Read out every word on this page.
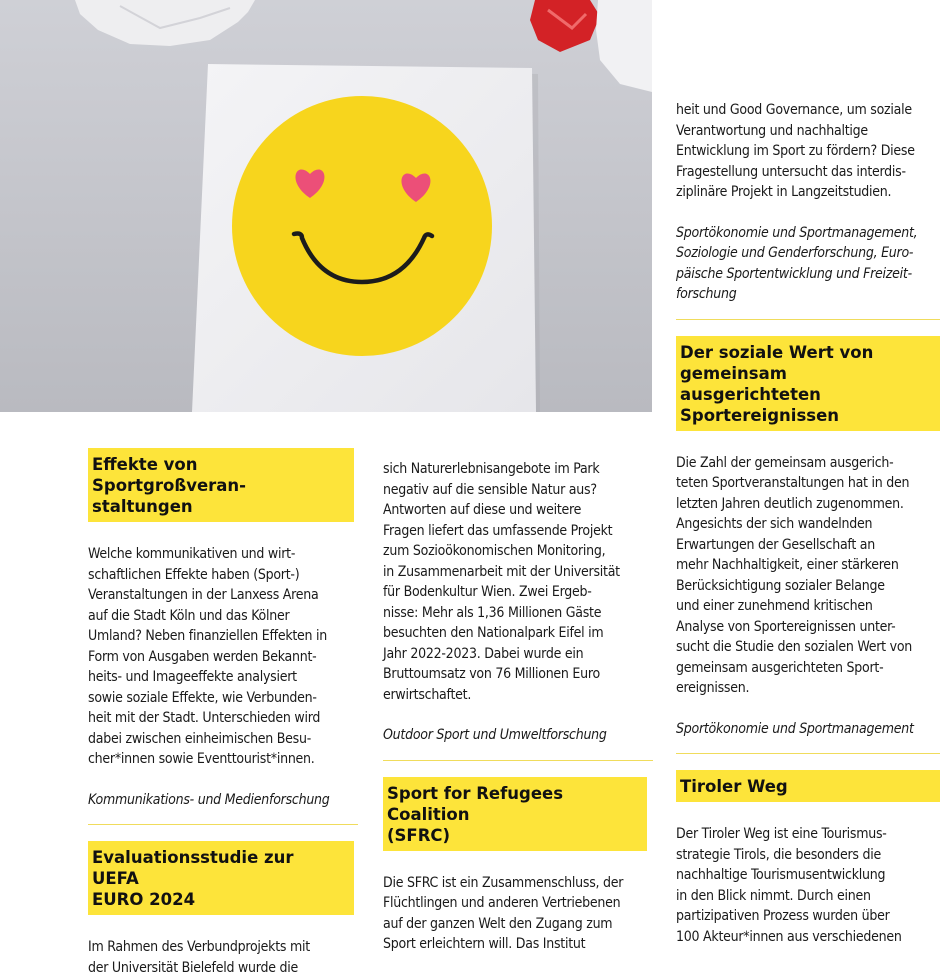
Effekte von Sportgroßveran-
staltungen

Welche kommunikativen und wirt-
schaftlichen Effekte haben (Sport-)
Veranstaltungen in der Lanxess Arena
auf die Stadt Köln und das Kölner
Umland? Neben finanziellen Effekten in
Form von Ausgaben werden Bekannt-
heits- und Imageeffekte analysiert
sowie soziale Effekte, wie Verbunden-
heit mit der Stadt. Unterschieden wird
dabei zwischen einheimischen Besu-
cher*innen sowie Eventtourist*innen.

Kommunikations- und Medienforschung

Evaluationsstudie zur UEFA
EURO 2024

Im Rahmen des Verbundprojekts mit
der Universität Bielefeld wurde die

sich Naturerlebnisangebote im Park
negativ auf die sensible Natur aus?
Antworten auf diese und weitere
Fragen liefert das umfassende Projekt
zum Sozioökonomischen Monitoring,
in Zusammenarbeit mit der Universität
für Bodenkultur Wien. Zwei Ergeb-
nisse: Mehr als 1,36 Millionen Gäste
besuchten den Nationalpark Eifel im
Jahr 2022-2023. Dabei wurde ein
Bruttoumsatz von 76 Millionen Euro
erwirtschaftet.

Outdoor Sport und Umweltforschung

Sport for Refugees Coalition
(SFRC)

Die SFRC ist ein Zusammenschluss, der
Flüchtlingen und anderen Vertriebenen
auf der ganzen Welt den Zugang zum
Sport erleichtern will. Das Institut

heit und Good Governance, um soziale
Verantwortung und nachhaltige
Entwicklung im Sport zu fördern? Diese
Fragestellung untersucht das interdis-
ziplinäre Projekt in Langzeitstudien.

Sportökonomie und Sportmanagement,
Soziologie und Genderforschung, Euro-
päische Sportentwicklung und Freizeit-
forschung

Der soziale Wert von
gemeinsam ausgerichteten
Sportereignissen

Die Zahl der gemeinsam ausgerich-
teten Sportveranstaltungen hat in den
letzten Jahren deutlich zugenommen.
Angesichts der sich wandelnden
Erwartungen der Gesellschaft an
mehr Nachhaltigkeit, einer stärkeren
Berücksichtigung sozialer Belange
und einer zunehmend kritischen
Analyse von Sportereignissen unter-
sucht die Studie den sozialen Wert von
gemeinsam ausgerichteten Sport-
ereignissen.

Sportökonomie und Sportmanagement

Tiroler Weg

Der Tiroler Weg ist eine Tourismus-
strategie Tirols, die besonders die
nachhaltige Tourismusentwicklung
in den Blick nimmt. Durch einen
partizipativen Prozess wurden über
100 Akteur*innen aus verschiedenen
